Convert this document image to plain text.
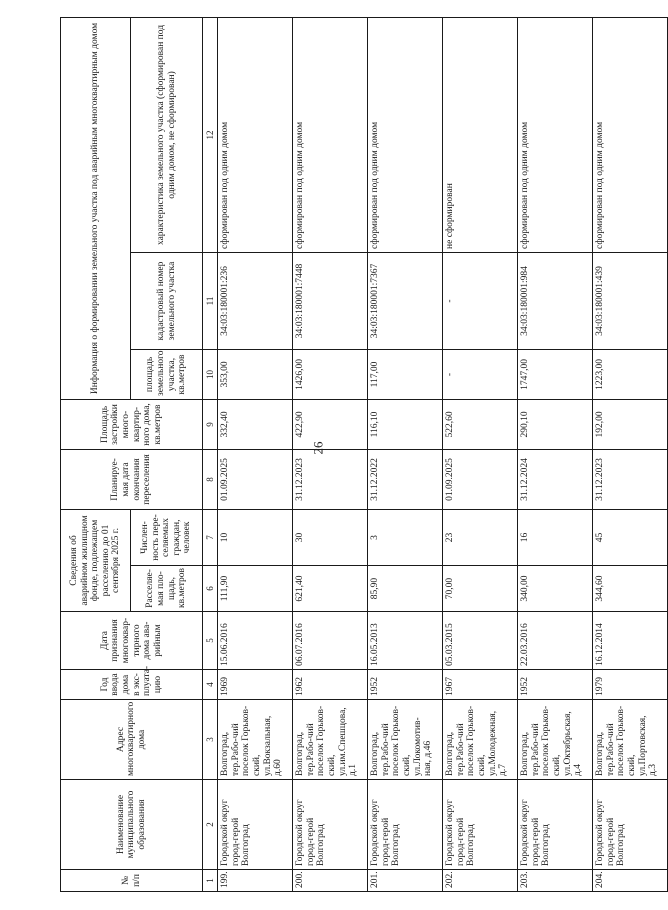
26
№ п/п	Наименование муниципального образования	Адрес многоквартирного дома	Год ввода дома в экс-плуата-цию	Дата признания многоквар-тирного дома ава-рийным	Сведения об аварийном жилищном фонде, подлежащем расселению до 01 сентября 2025 г.		Планируе-мая дата окончания переселения	Площадь застройки много-квартир-ного дома, кв.метров	Информация о формировании земельного участка под аварийным многоквартирным домом		
					Расселяе-мая пло-щадь, кв.метров	Числен-ность пере-селяемых граждан, человек			площадь земельного участка, кв.метров	кадастровый номер земельного участка	характеристика земельного участка (сформирован под одним домом, не сформирован)
1	2	3	4	5	6	7	8	9	10	11	12
199.	Городской округ город-герой Волгоград	Волгоград, тер.Рабо-чий поселок Горьков-ский, ул.Вокзальная, д.60	1969	15.06.2016	111,90	10	01.09.2025	332,40	353,00	34:03:180001:236	сформирован под одним домом
200.	Городской округ город-герой Волгоград	Волгоград, тер.Рабо-чий поселок Горьков-ский, ул.им.Спешцова, д.1	1962	06.07.2016	621,40	30	31.12.2023	422,90	1426,00	34:03:180001:7448	сформирован под одним домом
201.	Городской округ город-герой Волгоград	Волгоград, тер.Рабо-чий поселок Горьков-ский, ул.Локомотив-ная, д.46	1952	16.05.2013	85,90	3	31.12.2022	116,10	117,00	34:03:180001:7367	сформирован под одним домом
202.	Городской округ город-герой Волгоград	Волгоград, тер.Рабо-чий поселок Горьков-ский, ул.Молодежная, д.7	1967	05.03.2015	70,00	23	01.09.2025	522,60	-	-	не сформирован
203.	Городской округ город-герой Волгоград	Волгоград, тер.Рабо-чий поселок Горьков-ский, ул.Октябрьская, д.4	1952	22.03.2016	340,00	16	31.12.2024	290,10	1747,00	34:03:180001:984	сформирован под одним домом
204.	Городской округ город-герой Волгоград	Волгоград, тер.Рабо-чий поселок Горьков-ский, ул.Портовская, д.3	1979	16.12.2014	344,60	45	31.12.2023	192,00	1223,00	34:03:180001:439	сформирован под одним домом
